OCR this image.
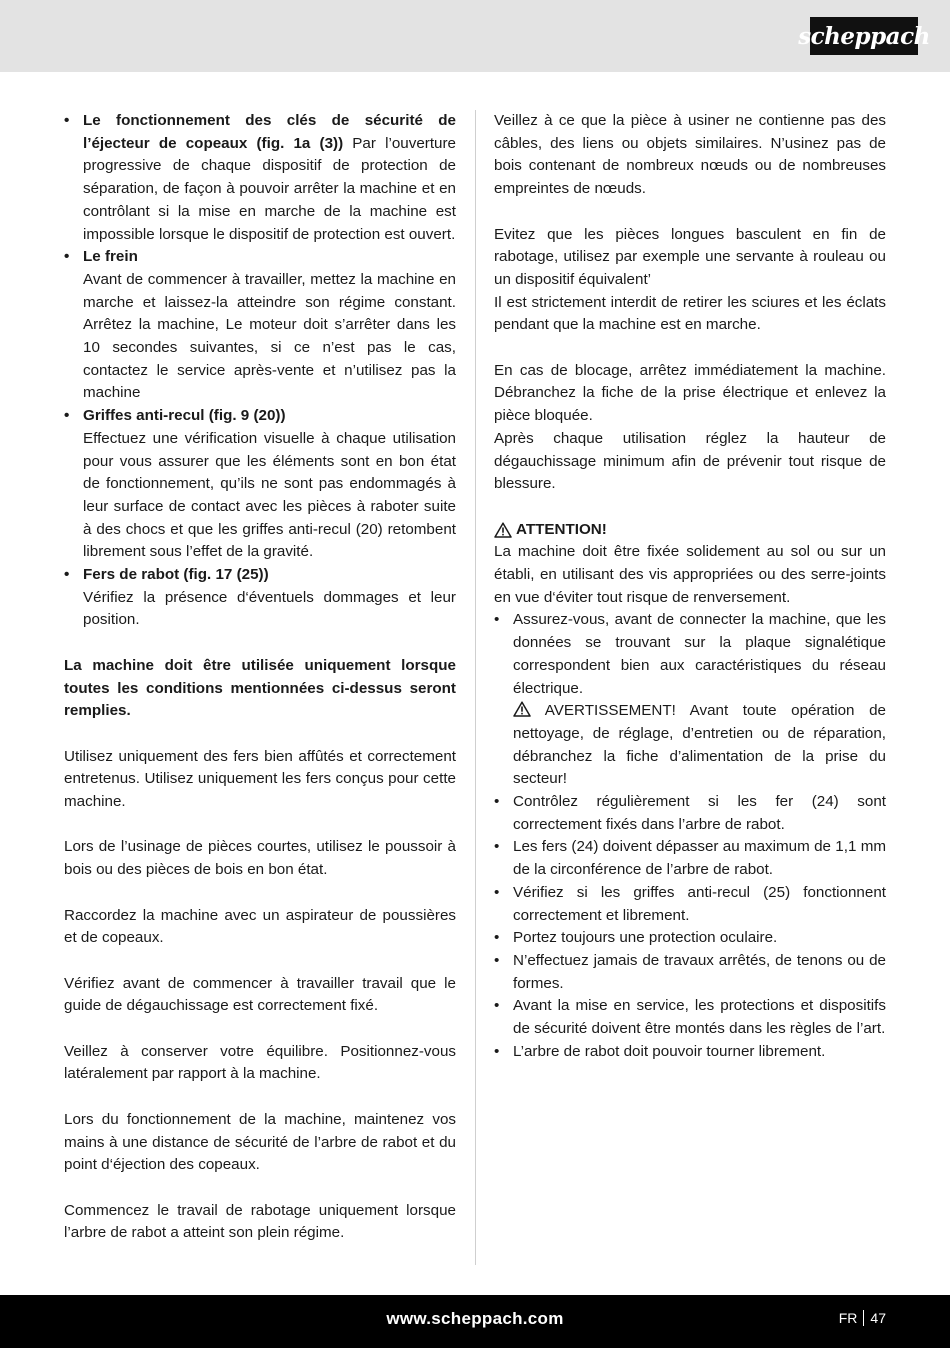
scheppach
• Le fonctionnement des clés de sécurité de l’éjecteur de copeaux (fig. 1a (3)) Par l’ouverture progressive de chaque dispositif de protection de séparation, de façon à pouvoir arrêter la machine et en contrôlant si la mise en marche de la machine est impossible lorsque le dispositif de protection est ouvert.
• Le frein
Avant de commencer à travailler, mettez la machine en marche et laissez-la atteindre son régime constant. Arrêtez la machine, Le moteur doit s’arrêter dans les 10 secondes suivantes, si ce n’est pas le cas, contactez le service après-vente et n’utilisez pas la machine
• Griffes anti-recul (fig. 9 (20))
Effectuez une vérification visuelle à chaque utilisation pour vous assurer que les éléments sont en bon état de fonctionnement, qu’ils ne sont pas endommagés à leur surface de contact avec les pièces à raboter suite à des chocs et que les griffes anti-recul (20) retombent librement sous l’effet de la gravité.
• Fers de rabot (fig. 17 (25))
Vérifiez la présence d‘éventuels dommages et leur position.

La machine doit être utilisée uniquement lorsque toutes les conditions mentionnées ci-dessus seront remplies.

Utilisez uniquement des fers bien affûtés et correctement entretenus. Utilisez uniquement les fers conçus pour cette machine.

Lors de l’usinage de pièces courtes, utilisez le poussoir à bois ou des pièces de bois en bon état.

Raccordez la machine avec un aspirateur de poussières et de copeaux.

Vérifiez avant de commencer à travailler travail que le guide de dégauchissage est correctement fixé.

Veillez à conserver votre équilibre. Positionnez-vous latéralement par rapport à la machine.

Lors du fonctionnement de la machine, maintenez vos mains à une distance de sécurité de l’arbre de rabot et du point d‘éjection des copeaux.

Commencez le travail de rabotage uniquement lorsque l’arbre de rabot a atteint son plein régime.

Veillez à ce que la pièce à usiner ne contienne pas des câbles, des liens ou objets similaires. N’usinez pas de bois contenant de nombreux nœuds ou de nombreuses empreintes de nœuds.

Evitez que les pièces longues basculent en fin de rabotage, utilisez par exemple une servante à rouleau ou un dispositif équivalent’

Il est strictement interdit de retirer les sciures et les éclats pendant que la machine est en marche.

En cas de blocage, arrêtez immédiatement la machine. Débranchez la fiche de la prise électrique et enlevez la pièce bloquée.

Après chaque utilisation réglez la hauteur de dégauchissage minimum afin de prévenir tout risque de blessure.

ATTENTION!

La machine doit être fixée solidement au sol ou sur un établi, en utilisant des vis appropriées ou des serre-joints en vue d‘éviter tout risque de renversement.

• Assurez-vous, avant de connecter la machine, que les données se trouvant sur la plaque signalétique correspondent bien aux caractéristiques du réseau électrique.
AVERTISSEMENT! Avant toute opération de nettoyage, de réglage, d’entretien ou de réparation, débranchez la fiche d’alimentation de la prise du secteur!
• Contrôlez régulièrement si les fer (24) sont correctement fixés dans l’arbre de rabot.
• Les fers (24) doivent dépasser au maximum de 1,1 mm de la circonférence de l’arbre de rabot.
• Vérifiez si les griffes anti-recul (25) fonctionnent correctement et librement.
• Portez toujours une protection oculaire.
• N’effectuez jamais de travaux arrêtés, de tenons ou de formes.
• Avant la mise en service, les protections et dispositifs de sécurité doivent être montés dans les règles de l’art.
• L’arbre de rabot doit pouvoir tourner librement.
www.scheppach.com	FR 47
